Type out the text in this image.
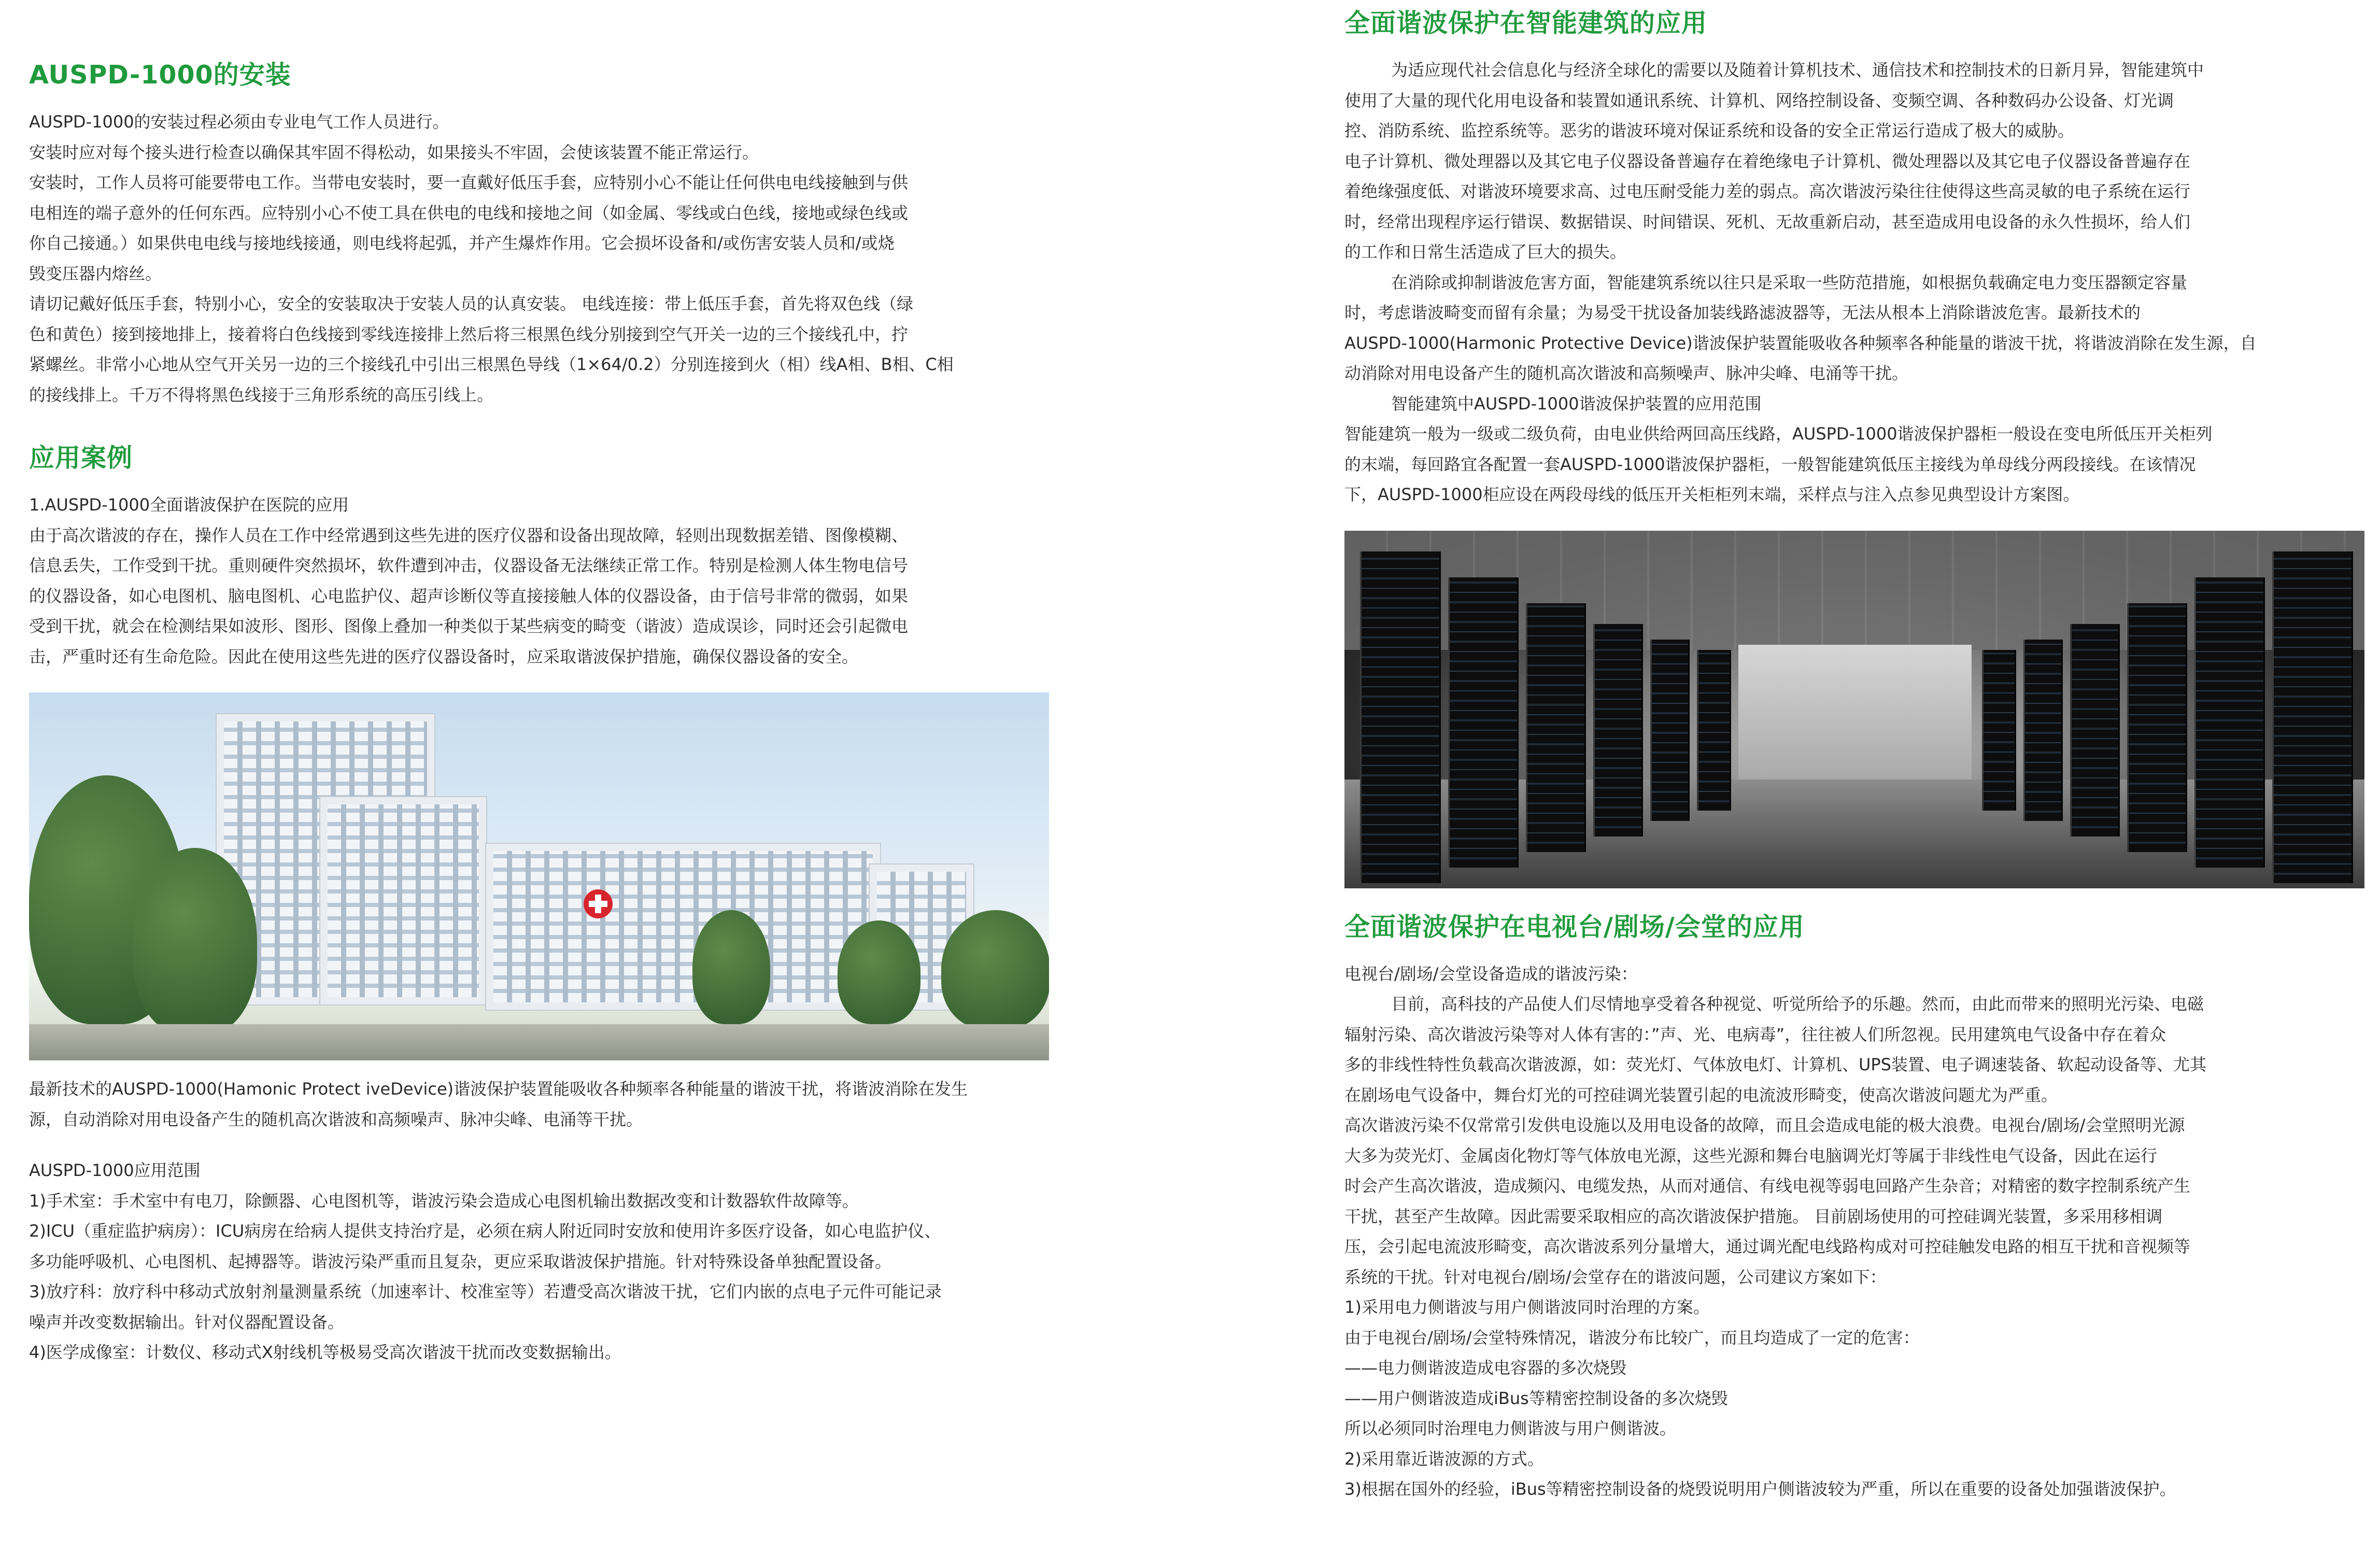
AUSPD-1000的安装

AUSPD-1000的安装过程必须由专业电气工作人员进行。

安装时应对每个接头进行检查以确保其牢固不得松动，如果接头不牢固，会使该装置不能正常运行。

安装时，工作人员将可能要带电工作。当带电安装时，要一直戴好低压手套，应特别小心不能让任何供电电线接触到与供

电相连的端子意外的任何东西。应特别小心不使工具在供电的电线和接地之间（如金属、零线或白色线，接地或绿色线或

你自己接通。）如果供电电线与接地线接通，则电线将起弧，并产生爆炸作用。它会损坏设备和/或伤害安装人员和/或烧

毁变压器内熔丝。

请切记戴好低压手套，特别小心，安全的安装取决于安装人员的认真安装。 电线连接：带上低压手套，首先将双色线（绿

色和黄色）接到接地排上，接着将白色线接到零线连接排上然后将三根黑色线分别接到空气开关一边的三个接线孔中，拧

紧螺丝。非常小心地从空气开关另一边的三个接线孔中引出三根黑色导线（1×64/0.2）分别连接到火（相）线A相、B相、C相

的接线排上。千万不得将黑色线接于三角形系统的高压引线上。

应用案例

1.AUSPD-1000全面谐波保护在医院的应用

由于高次谐波的存在，操作人员在工作中经常遇到这些先进的医疗仪器和设备出现故障，轻则出现数据差错、图像模糊、

信息丢失，工作受到干扰。重则硬件突然损坏，软件遭到冲击，仪器设备无法继续正常工作。特别是检测人体生物电信号

的仪器设备，如心电图机、脑电图机、心电监护仪、超声诊断仪等直接接触人体的仪器设备，由于信号非常的微弱，如果

受到干扰，就会在检测结果如波形、图形、图像上叠加一种类似于某些病变的畸变（谐波）造成误诊，同时还会引起微电

击，严重时还有生命危险。因此在使用这些先进的医疗仪器设备时，应采取谐波保护措施，确保仪器设备的安全。

最新技术的AUSPD-1000(Hamonic Protect iveDevice)谐波保护装置能吸收各种频率各种能量的谐波干扰，将谐波消除在发生

源，自动消除对用电设备产生的随机高次谐波和高频噪声、脉冲尖峰、电涌等干扰。

AUSPD-1000应用范围

1)手术室：手术室中有电刀，除颤器、心电图机等，谐波污染会造成心电图机输出数据改变和计数器软件故障等。

2)ICU（重症监护病房）：ICU病房在给病人提供支持治疗是，必须在病人附近同时安放和使用许多医疗设备，如心电监护仪、

多功能呼吸机、心电图机、起搏器等。谐波污染严重而且复杂，更应采取谐波保护措施。针对特殊设备单独配置设备。

3)放疗科：放疗科中移动式放射剂量测量系统（加速率计、校准室等）若遭受高次谐波干扰，它们内嵌的点电子元件可能记录

噪声并改变数据输出。针对仪器配置设备。

4)医学成像室：计数仪、移动式X射线机等极易受高次谐波干扰而改变数据输出。

全面谐波保护在智能建筑的应用

为适应现代社会信息化与经济全球化的需要以及随着计算机技术、通信技术和控制技术的日新月异，智能建筑中

使用了大量的现代化用电设备和装置如通讯系统、计算机、网络控制设备、变频空调、各种数码办公设备、灯光调

控、消防系统、监控系统等。恶劣的谐波环境对保证系统和设备的安全正常运行造成了极大的威胁。

电子计算机、微处理器以及其它电子仪器设备普遍存在着绝缘电子计算机、微处理器以及其它电子仪器设备普遍存在

着绝缘强度低、对谐波环境要求高、过电压耐受能力差的弱点。高次谐波污染往往使得这些高灵敏的电子系统在运行

时，经常出现程序运行错误、数据错误、时间错误、死机、无故重新启动，甚至造成用电设备的永久性损坏，给人们

的工作和日常生活造成了巨大的损失。

在消除或抑制谐波危害方面，智能建筑系统以往只是采取一些防范措施，如根据负载确定电力变压器额定容量

时，考虑谐波畸变而留有余量；为易受干扰设备加装线路滤波器等，无法从根本上消除谐波危害。最新技术的

AUSPD-1000(Harmonic Protective Device)谐波保护装置能吸收各种频率各种能量的谐波干扰，将谐波消除在发生源，自

动消除对用电设备产生的随机高次谐波和高频噪声、脉冲尖峰、电涌等干扰。

智能建筑中AUSPD-1000谐波保护装置的应用范围

智能建筑一般为一级或二级负荷，由电业供给两回高压线路，AUSPD-1000谐波保护器柜一般设在变电所低压开关柜列

的末端，每回路宜各配置一套AUSPD-1000谐波保护器柜，一般智能建筑低压主接线为单母线分两段接线。在该情况

下，AUSPD-1000柜应设在两段母线的低压开关柜柜列末端，采样点与注入点参见典型设计方案图。

全面谐波保护在电视台/剧场/会堂的应用

电视台/剧场/会堂设备造成的谐波污染：

目前，高科技的产品使人们尽情地享受着各种视觉、听觉所给予的乐趣。然而，由此而带来的照明光污染、电磁

辐射污染、高次谐波污染等对人体有害的：”声、光、电病毒”，往往被人们所忽视。民用建筑电气设备中存在着众

多的非线性特性负载高次谐波源，如：荧光灯、气体放电灯、计算机、UPS装置、电子调速装备、软起动设备等、尤其

在剧场电气设备中，舞台灯光的可控硅调光装置引起的电流波形畸变，使高次谐波问题尤为严重。

高次谐波污染不仅常常引发供电设施以及用电设备的故障，而且会造成电能的极大浪费。电视台/剧场/会堂照明光源

大多为荧光灯、金属卤化物灯等气体放电光源，这些光源和舞台电脑调光灯等属于非线性电气设备，因此在运行

时会产生高次谐波，造成频闪、电缆发热，从而对通信、有线电视等弱电回路产生杂音；对精密的数字控制系统产生

干扰，甚至产生故障。因此需要采取相应的高次谐波保护措施。 目前剧场使用的可控硅调光装置，多采用移相调

压，会引起电流波形畸变，高次谐波系列分量增大，通过调光配电线路构成对可控硅触发电路的相互干扰和音视频等

系统的干扰。针对电视台/剧场/会堂存在的谐波问题，公司建议方案如下：

1)采用电力侧谐波与用户侧谐波同时治理的方案。

由于电视台/剧场/会堂特殊情况，谐波分布比较广，而且均造成了一定的危害：

——电力侧谐波造成电容器的多次烧毁

——用户侧谐波造成iBus等精密控制设备的多次烧毁

所以必须同时治理电力侧谐波与用户侧谐波。

2)采用靠近谐波源的方式。

3)根据在国外的经验，iBus等精密控制设备的烧毁说明用户侧谐波较为严重，所以在重要的设备处加强谐波保护。
